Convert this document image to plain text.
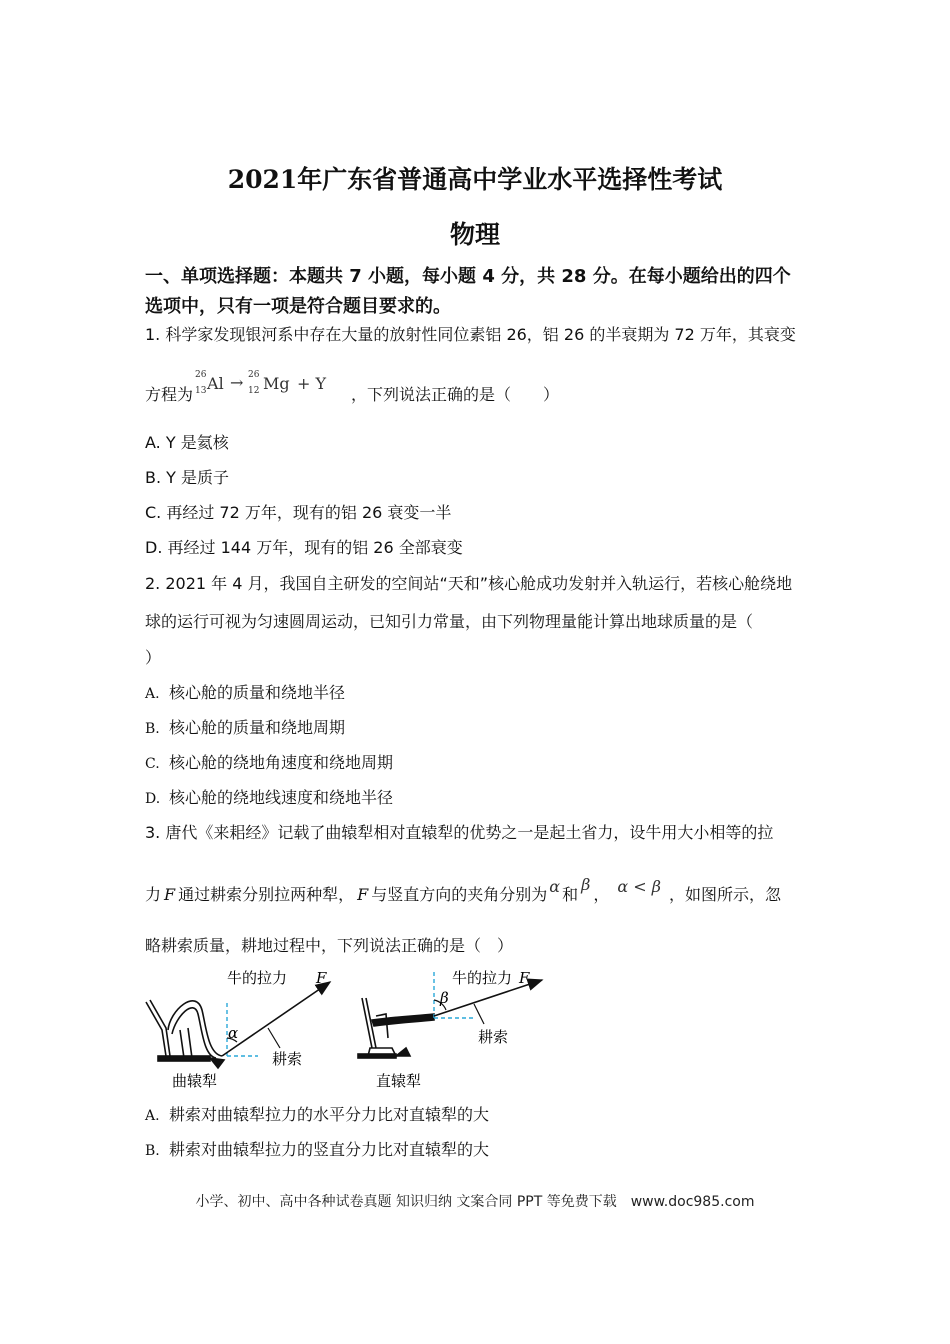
2021年广东省普通高中学业水平选择性考试
物理
一、单项选择题：本题共 7 小题，每小题 4 分，共 28 分。在每小题给出的四个
选项中，只有一项是符合题目要求的。
1. 科学家发现银河系中存在大量的放射性同位素铝 26，铝 26 的半衰期为 72 万年，其衰变
方程为
26
13 Al → 26
12 Mg + Y
，下列说法正确的是（　　）
A. Y 是氦核
B. Y 是质子
C. 再经过 72 万年，现有的铝 26 衰变一半
D. 再经过 144 万年，现有的铝 26 全部衰变
2. 2021 年 4 月，我国自主研发的空间站“天和”核心舱成功发射并入轨运行，若核心舱绕地
球的运行可视为匀速圆周运动，已知引力常量，由下列物理量能计算出地球质量的是（
）
A. 核心舱的质量和绕地半径
B. 核心舱的质量和绕地周期
C. 核心舱的绕地角速度和绕地周期
D. 核心舱的绕地线速度和绕地半径
3. 唐代《来耜经》记载了曲辕犁相对直辕犁的优势之一是起土省力，设牛用大小相等的拉
力 F 通过耕索分别拉两种犁， F 与竖直方向的夹角分别为 α 和β， α < β ，如图所示，忽
略耕索质量，耕地过程中，下列说法正确的是（　）
牛的拉力 F
α
耕索
曲辕犁
牛的拉力 F
β
耕索
直辕犁
A. 耕索对曲辕犁拉力的水平分力比对直辕犁的大
B. 耕索对曲辕犁拉力的竖直分力比对直辕犁的大
小学、初中、高中各种试卷真题 知识归纳 文案合同 PPT 等免费下载　www.doc985.com
